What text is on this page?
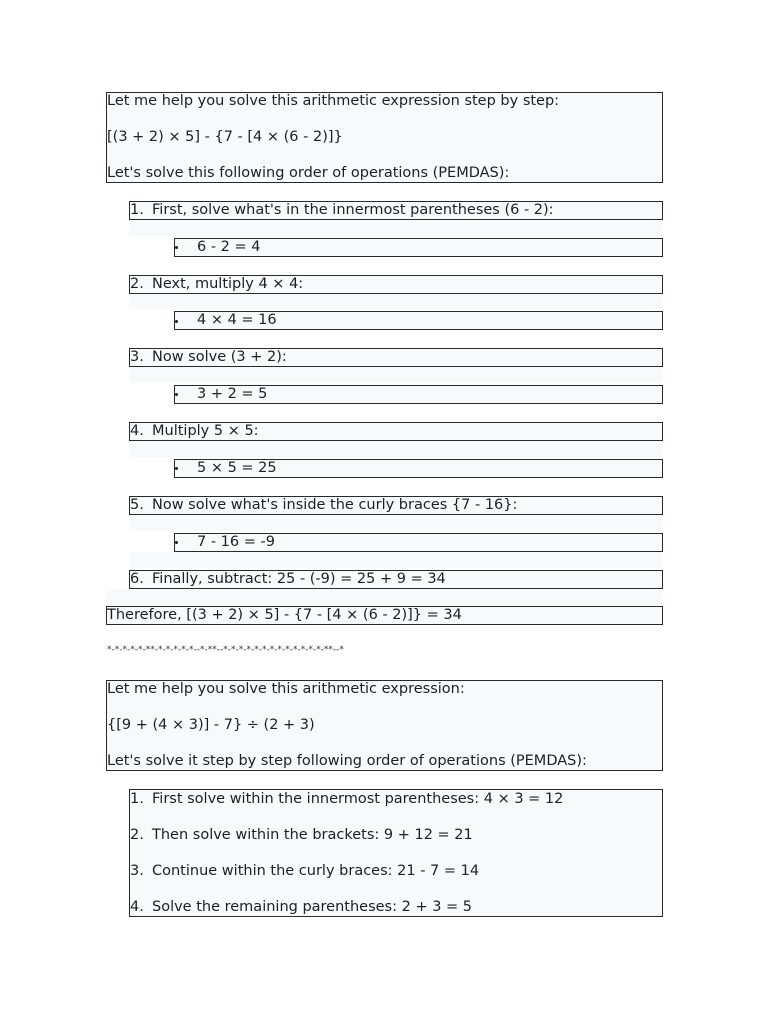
Let me help you solve this arithmetic expression step by step:
[(3 + 2) × 5] - {7 - [4 × (6 - 2)]}
Let's solve this following order of operations (PEMDAS):
1. First, solve what's in the innermost parentheses (6 - 2):
6 - 2 = 4
2. Next, multiply 4 × 4:
4 × 4 = 16
3. Now solve (3 + 2):
3 + 2 = 5
4. Multiply 5 × 5:
5 × 5 = 25
5. Now solve what's inside the curly braces {7 - 16}:
7 - 16 = -9
6. Finally, subtract: 25 - (-9) = 25 + 9 = 34
Therefore, [(3 + 2) × 5] - {7 - [4 × (6 - 2)]} = 34
*-*-*-*-*-**-*-*-*-*-*--*-**--*-*-*-*-*-*-*-*-*-*-*-*-*-**--*
Let me help you solve this arithmetic expression:
{[9 + (4 × 3)] - 7} ÷ (2 + 3)
Let's solve it step by step following order of operations (PEMDAS):
1. First solve within the innermost parentheses: 4 × 3 = 12
2. Then solve within the brackets: 9 + 12 = 21
3. Continue within the curly braces: 21 - 7 = 14
4. Solve the remaining parentheses: 2 + 3 = 5
